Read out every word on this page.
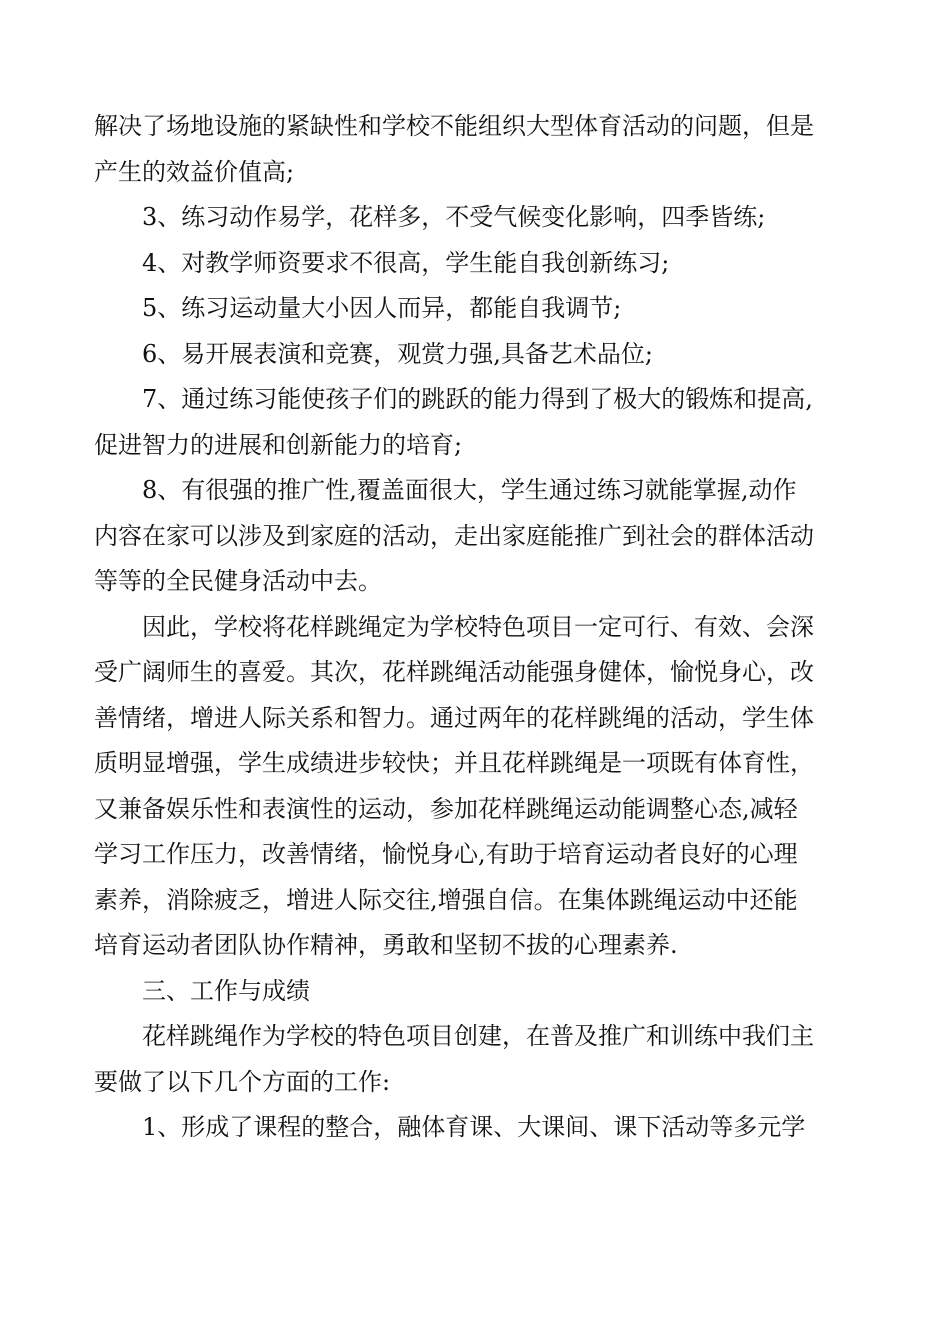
解决了场地设施的紧缺性和学校不能组织大型体育活动的问题，但是
产生的效益价值高;
3、练习动作易学，花样多，不受气候变化影响，四季皆练;
4、对教学师资要求不很高，学生能自我创新练习;
5、练习运动量大小因人而异，都能自我调节;
6、易开展表演和竞赛，观赏力强,具备艺术品位;
7、通过练习能使孩子们的跳跃的能力得到了极大的锻炼和提高,
促进智力的进展和创新能力的培育;
8、有很强的推广性,覆盖面很大，学生通过练习就能掌握,动作
内容在家可以涉及到家庭的活动，走出家庭能推广到社会的群体活动
等等的全民健身活动中去。
因此，学校将花样跳绳定为学校特色项目一定可行、有效、会深
受广阔师生的喜爱。其次，花样跳绳活动能强身健体，愉悦身心，改
善情绪，增进人际关系和智力。通过两年的花样跳绳的活动，学生体
质明显增强，学生成绩进步较快；并且花样跳绳是一项既有体育性，
又兼备娱乐性和表演性的运动，参加花样跳绳运动能调整心态,减轻
学习工作压力，改善情绪，愉悦身心,有助于培育运动者良好的心理
素养，消除疲乏，增进人际交往,增强自信。在集体跳绳运动中还能
培育运动者团队协作精神，勇敢和坚韧不拔的心理素养.
三、工作与成绩
花样跳绳作为学校的特色项目创建，在普及推广和训练中我们主
要做了以下几个方面的工作:
1、形成了课程的整合，融体育课、大课间、课下活动等多元学
